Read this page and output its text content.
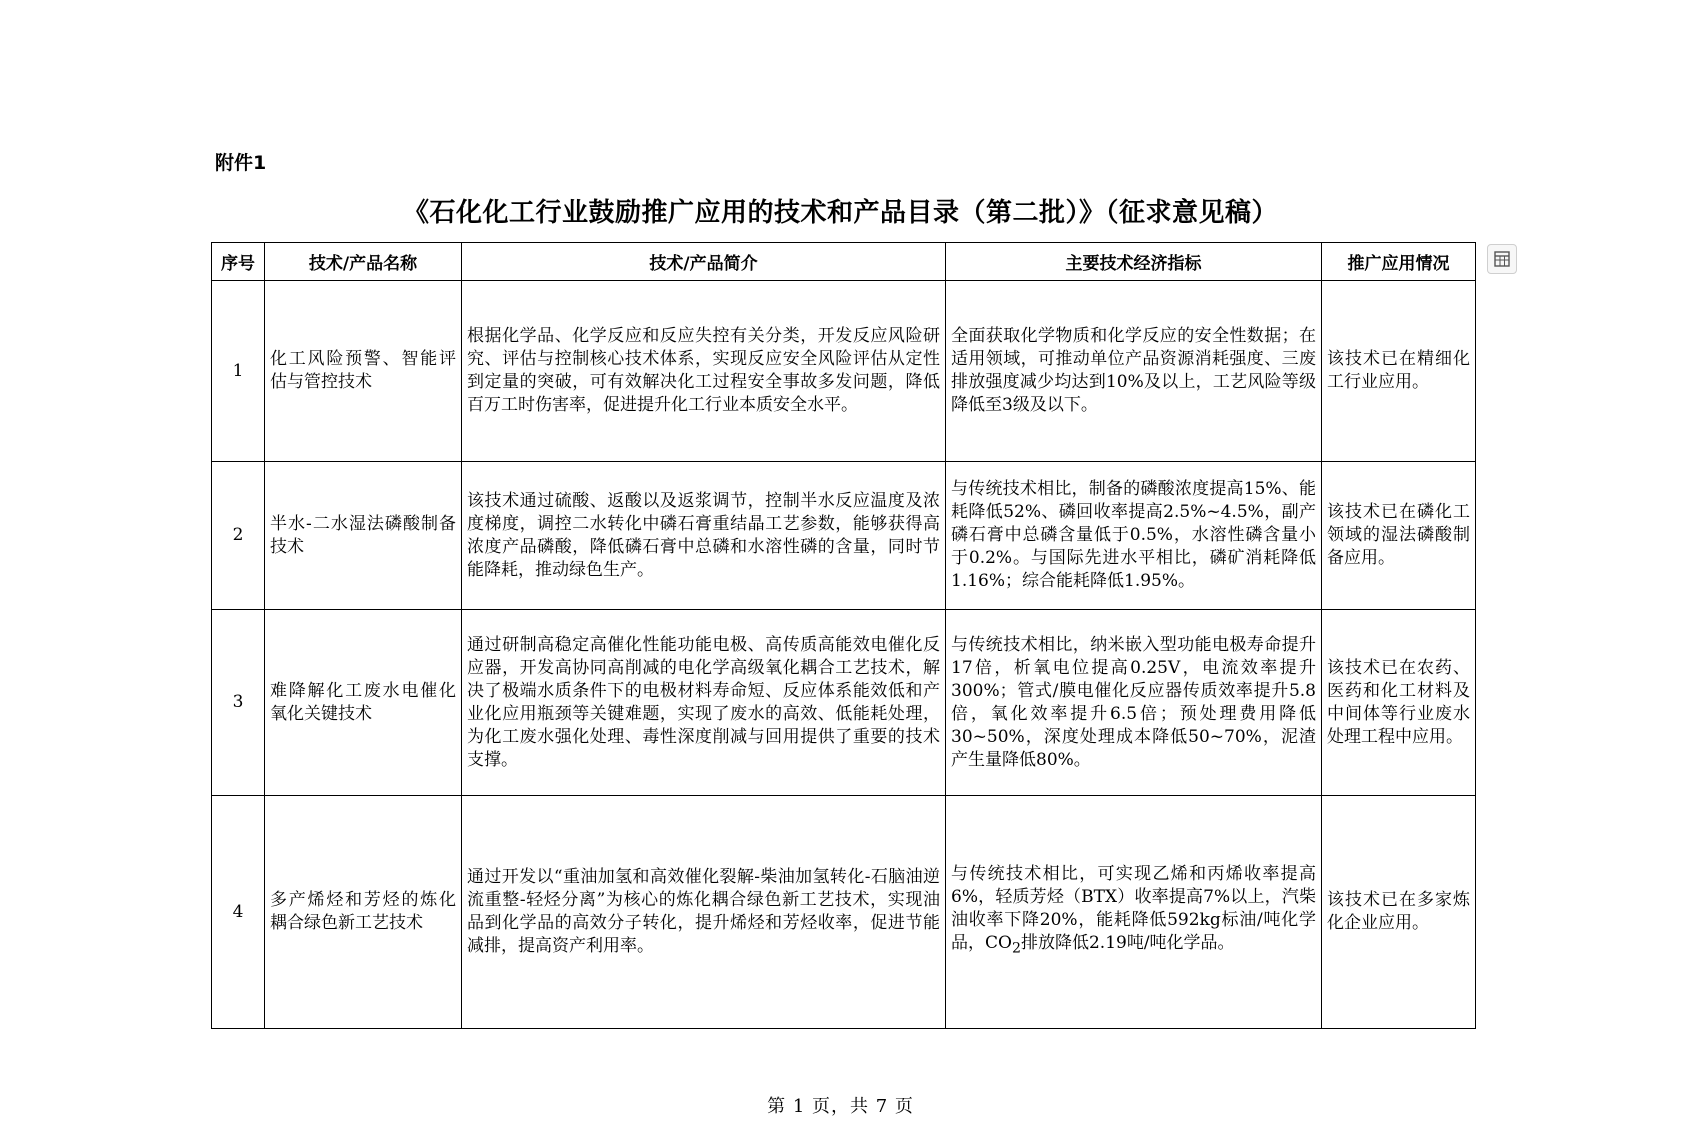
附件1
《石化化工行业鼓励推广应用的技术和产品目录（第二批）》（征求意见稿）
序号	技术/产品名称	技术/产品简介	主要技术经济指标	推广应用情况
1	化工风险预警、智能评估与管控技术	根据化学品、化学反应和反应失控有关分类，开发反应风险研究、评估与控制核心技术体系，实现反应安全风险评估从定性到定量的突破，可有效解决化工过程安全事故多发问题，降低百万工时伤害率，促进提升化工行业本质安全水平。	全面获取化学物质和化学反应的安全性数据；在适用领域，可推动单位产品资源消耗强度、三废排放强度减少均达到10%及以上，工艺风险等级降低至3级及以下。	该技术已在精细化工行业应用。
2	半水-二水湿法磷酸制备技术	该技术通过硫酸、返酸以及返浆调节，控制半水反应温度及浓度梯度，调控二水转化中磷石膏重结晶工艺参数，能够获得高浓度产品磷酸，降低磷石膏中总磷和水溶性磷的含量，同时节能降耗，推动绿色生产。	与传统技术相比，制备的磷酸浓度提高15%、能耗降低52%、磷回收率提高2.5%~4.5%，副产磷石膏中总磷含量低于0.5%，水溶性磷含量小于0.2%。与国际先进水平相比，磷矿消耗降低1.16%；综合能耗降低1.95%。	该技术已在磷化工领域的湿法磷酸制备应用。
3	难降解化工废水电催化氧化关键技术	通过研制高稳定高催化性能功能电极、高传质高能效电催化反应器，开发高协同高削减的电化学高级氧化耦合工艺技术，解决了极端水质条件下的电极材料寿命短、反应体系能效低和产业化应用瓶颈等关键难题，实现了废水的高效、低能耗处理，为化工废水强化处理、毒性深度削减与回用提供了重要的技术支撑。	与传统技术相比，纳米嵌入型功能电极寿命提升17倍，析氧电位提高0.25V，电流效率提升300%；管式/膜电催化反应器传质效率提升5.8倍，氧化效率提升6.5倍；预处理费用降低30~50%，深度处理成本降低50~70%，泥渣产生量降低80%。	该技术已在农药、医药和化工材料及中间体等行业废水处理工程中应用。
4	多产烯烃和芳烃的炼化耦合绿色新工艺技术	通过开发以“重油加氢和高效催化裂解-柴油加氢转化-石脑油逆流重整-轻烃分离”为核心的炼化耦合绿色新工艺技术，实现油品到化学品的高效分子转化，提升烯烃和芳烃收率，促进节能减排，提高资产利用率。	与传统技术相比，可实现乙烯和丙烯收率提高6%，轻质芳烃（BTX）收率提高7%以上，汽柴油收率下降20%，能耗降低592kg标油/吨化学品，$CO_2$排放降低2.19吨/吨化学品。	该技术已在多家炼化企业应用。
第 1 页，共 7 页
